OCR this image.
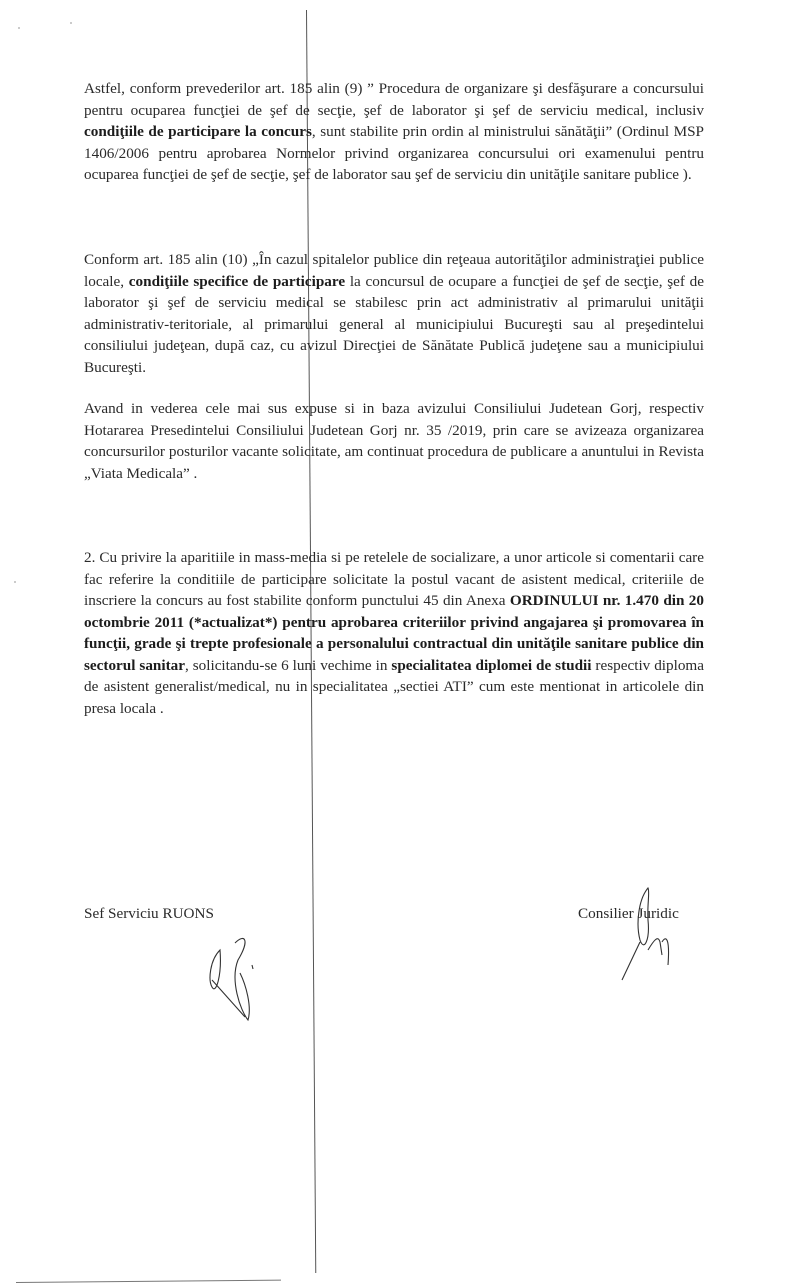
Astfel, conform prevederilor art. 185 alin (9) ” Procedura de organizare şi desfăşurare a concursului pentru ocuparea funcţiei de şef de secţie, şef de laborator şi şef de serviciu medical, inclusiv condiţiile de participare la concurs, sunt stabilite prin ordin al ministrului sănătăţii” (Ordinul MSP 1406/2006 pentru aprobarea Normelor privind organizarea concursului ori examenului pentru ocuparea funcţiei de şef de secţie, şef de laborator sau şef de serviciu din unităţile sanitare publice ).

Conform art. 185 alin (10) „În cazul spitalelor publice din reţeaua autorităţilor administraţiei publice locale, condiţiile specifice de participare la concursul de ocupare a funcţiei de şef de secţie, şef de laborator şi şef de serviciu medical se stabilesc prin act administrativ al primarului unităţii administrativ-teritoriale, al primarului general al municipiului Bucureşti sau al preşedintelui consiliului judeţean, după caz, cu avizul Direcţiei de Sănătate Publică judeţene sau a municipiului Bucureşti.

Avand in vederea cele mai sus expuse si in baza avizului Consiliului Judetean Gorj, respectiv Hotararea Presedintelui Consiliului Judetean Gorj nr. 35 /2019, prin care se avizeaza organizarea concursurilor posturilor vacante solicitate, am continuat procedura de publicare a anuntului in Revista „Viata Medicala” .

2. Cu privire la aparitiile in mass-media si pe retelele de socializare, a unor articole si comentarii care fac referire la conditiile de participare solicitate la postul vacant de asistent medical, criteriile de inscriere la concurs au fost stabilite conform punctului 45 din Anexa ORDINULUI nr. 1.470 din 20 octombrie 2011 (*actualizat*) pentru aprobarea criteriilor privind angajarea şi promovarea în funcţii, grade şi trepte profesionale a personalului contractual din unităţile sanitare publice din sectorul sanitar, solicitandu-se 6 luni vechime in specialitatea diplomei de studii respectiv diploma de asistent generalist/medical, nu in specialitatea „sectiei ATI” cum este mentionat in articolele din presa locala .

Sef Serviciu RUONS	Consilier Juridic
